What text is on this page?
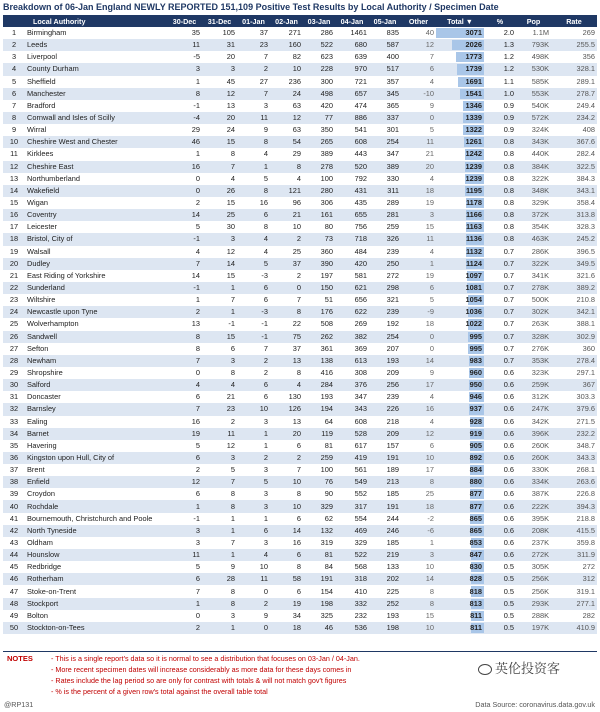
Breakdown of 06-Jan England NEWLY REPORTED 151,109 Positive Test Results by Local Authority / Specimen Date
	Local Authority	30-Dec	31-Dec	01-Jan	02-Jan	03-Jan	04-Jan	05-Jan	Other	Total ▼	%	Pop	Rate
1	Birmingham	35	105	37	271	286	1461	835	40	3071	2.0	1.1M	269
2	Leeds	11	31	23	160	522	680	587	12	2026	1.3	793K	255.5
3	Liverpool	-5	20	7	82	623	639	400	7	1773	1.2	498K	356
4	County Durham	3	3	2	10	228	970	517	6	1739	1.2	530K	328.1
5	Sheffield	1	45	27	236	300	721	357	4	1691	1.1	585K	289.1
6	Manchester	8	12	7	24	498	657	345	-10	1541	1.0	553K	278.7
7	Bradford	-1	13	3	63	420	474	365	9	1346	0.9	540K	249.4
8	Cornwall and Isles of Scilly	-4	20	11	12	77	886	337	0	1339	0.9	572K	234.2
9	Wirral	29	24	9	63	350	541	301	5	1322	0.9	324K	408
10	Cheshire West and Chester	46	15	8	54	265	608	254	11	1261	0.8	343K	367.6
11	Kirklees	1	8	4	29	389	443	347	21	1242	0.8	440K	282.4
12	Cheshire East	16	7	1	8	278	520	389	20	1239	0.8	384K	322.5
13	Northumberland	0	4	5	4	100	792	330	4	1239	0.8	322K	384.3
14	Wakefield	0	26	8	121	280	431	311	18	1195	0.8	348K	343.1
15	Wigan	2	15	16	96	306	435	289	19	1178	0.8	329K	358.4
16	Coventry	14	25	6	21	161	655	281	3	1166	0.8	372K	313.8
17	Leicester	5	30	8	10	80	756	259	15	1163	0.8	354K	328.3
18	Bristol, City of	-1	3	4	2	73	718	326	11	1136	0.8	463K	245.2
19	Walsall	4	12	4	25	360	484	239	4	1132	0.7	286K	396.5
20	Dudley	7	14	5	37	390	420	250	1	1124	0.7	322K	349.5
21	East Riding of Yorkshire	14	15	-3	2	197	581	272	19	1097	0.7	341K	321.6
22	Sunderland	-1	1	6	0	150	621	298	6	1081	0.7	278K	389.2
23	Wiltshire	1	7	6	7	51	656	321	5	1054	0.7	500K	210.8
24	Newcastle upon Tyne	2	1	-3	8	176	622	239	-9	1036	0.7	302K	342.1
25	Wolverhampton	13	-1	-1	22	508	269	192	18	1022	0.7	263K	388.1
26	Sandwell	8	15	-1	75	262	382	254	0	995	0.7	328K	302.9
27	Sefton	8	6	7	37	361	369	207	0	995	0.7	276K	360
28	Newham	7	3	2	13	138	613	193	14	983	0.7	353K	278.4
29	Shropshire	0	8	2	8	416	308	209	9	960	0.6	323K	297.1
30	Salford	4	4	6	4	284	376	256	17	950	0.6	259K	367
31	Doncaster	6	21	6	130	193	347	239	4	946	0.6	312K	303.3
32	Barnsley	7	23	10	126	194	343	226	16	937	0.6	247K	379.6
33	Ealing	16	2	3	13	64	608	218	4	928	0.6	342K	271.5
34	Barnet	19	11	1	20	119	528	209	12	919	0.6	396K	232.2
35	Havering	5	12	1	6	81	617	157	6	905	0.6	260K	348.7
36	Kingston upon Hull, City of	6	3	2	2	259	419	191	10	892	0.6	260K	343.3
37	Brent	2	5	3	7	100	561	189	17	884	0.6	330K	268.1
38	Enfield	12	7	5	10	76	549	213	8	880	0.6	334K	263.6
39	Croydon	6	8	3	8	90	552	185	25	877	0.6	387K	226.8
40	Rochdale	1	8	3	10	329	317	191	18	877	0.6	222K	394.3
41	Bournemouth, Christchurch and Poole	-1	1	1	6	62	554	244	-2	865	0.6	395K	218.8
42	North Tyneside	3	1	6	14	132	469	246	-6	865	0.6	208K	415.5
43	Oldham	3	7	3	16	319	329	185	1	853	0.6	237K	359.8
44	Hounslow	11	1	4	6	81	522	219	3	847	0.6	272K	311.9
45	Redbridge	5	9	10	8	84	568	133	10	830	0.5	305K	272
46	Rotherham	6	28	11	58	191	318	202	14	828	0.5	256K	312
47	Stoke-on-Trent	7	8	0	6	154	410	225	8	818	0.5	256K	319.1
48	Stockport	1	8	2	19	198	332	252	8	813	0.5	293K	277.1
49	Bolton	0	3	9	34	325	232	193	15	811	0.5	288K	282
50	Stockton-on-Tees	2	1	0	18	46	536	198	10	811	0.5	197K	410.9
NOTES	- This is a single report's data so it is normal to see a distribution that focuses on 03-Jan / 04-Jan.
- More recent specimen dates will increase considerably as more data for these days comes in
- Rates include the lag period so are only for contrast with totals & will not match gov't figures
- % is the percent of a given row's total against the overall table total
英伦投资客
@RP131	Data Source: coronavirus.data.gov.uk
